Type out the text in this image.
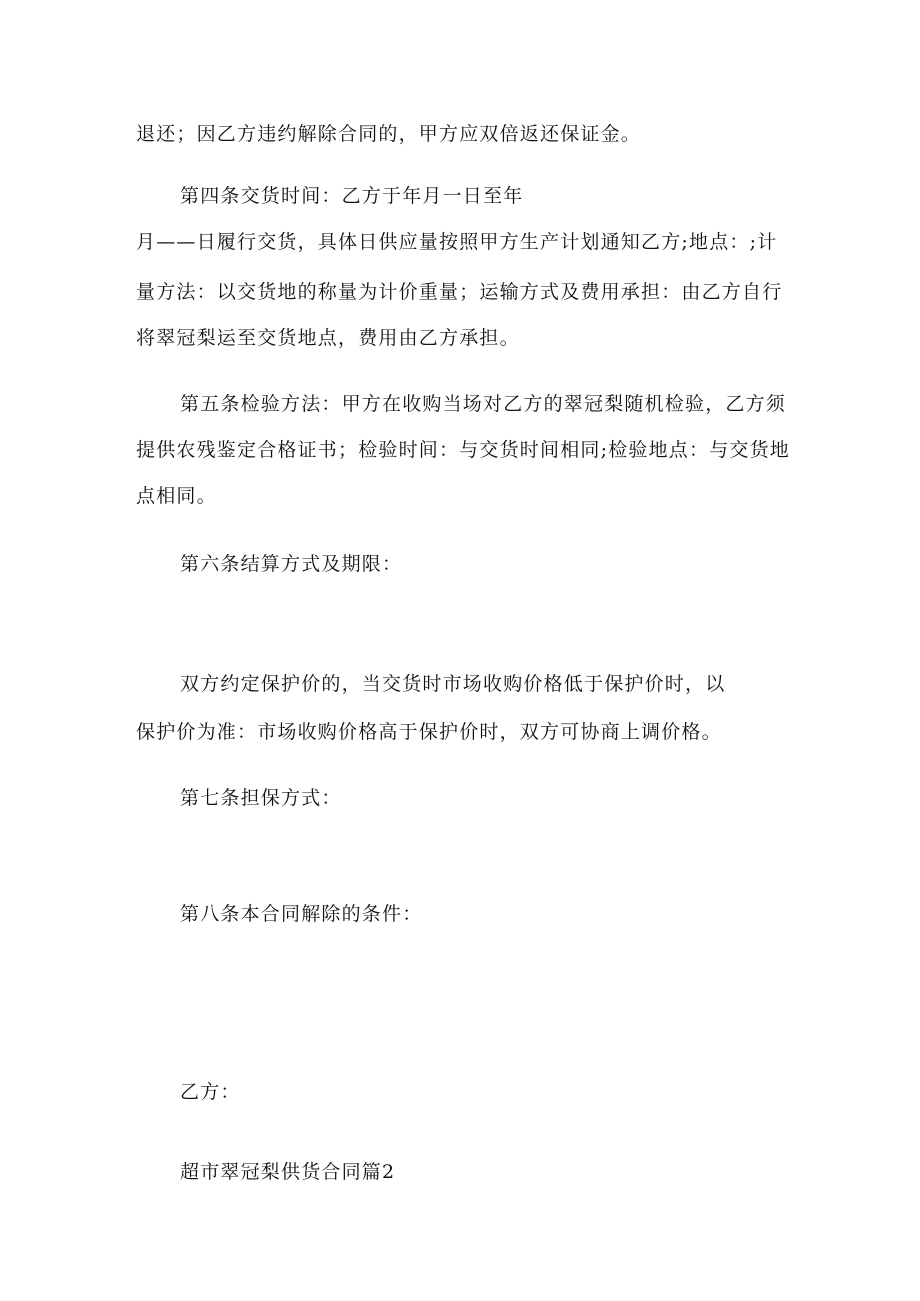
退还；因乙方违约解除合同的，甲方应双倍返还保证金。
第四条交货时间：乙方于年月一日至年
月——日履行交货，具体日供应量按照甲方生产计划通知乙方;地点：;计
量方法：以交货地的称量为计价重量；运输方式及费用承担：由乙方自行
将翠冠梨运至交货地点，费用由乙方承担。
第五条检验方法：甲方在收购当场对乙方的翠冠梨随机检验，乙方须
提供农残鉴定合格证书；检验时间：与交货时间相同;检验地点：与交货地
点相同。
第六条结算方式及期限：
双方约定保护价的，当交货时市场收购价格低于保护价时，以
保护价为准：市场收购价格高于保护价时，双方可协商上调价格。
第七条担保方式：
第八条本合同解除的条件：
乙方：
超市翠冠梨供货合同篇2
